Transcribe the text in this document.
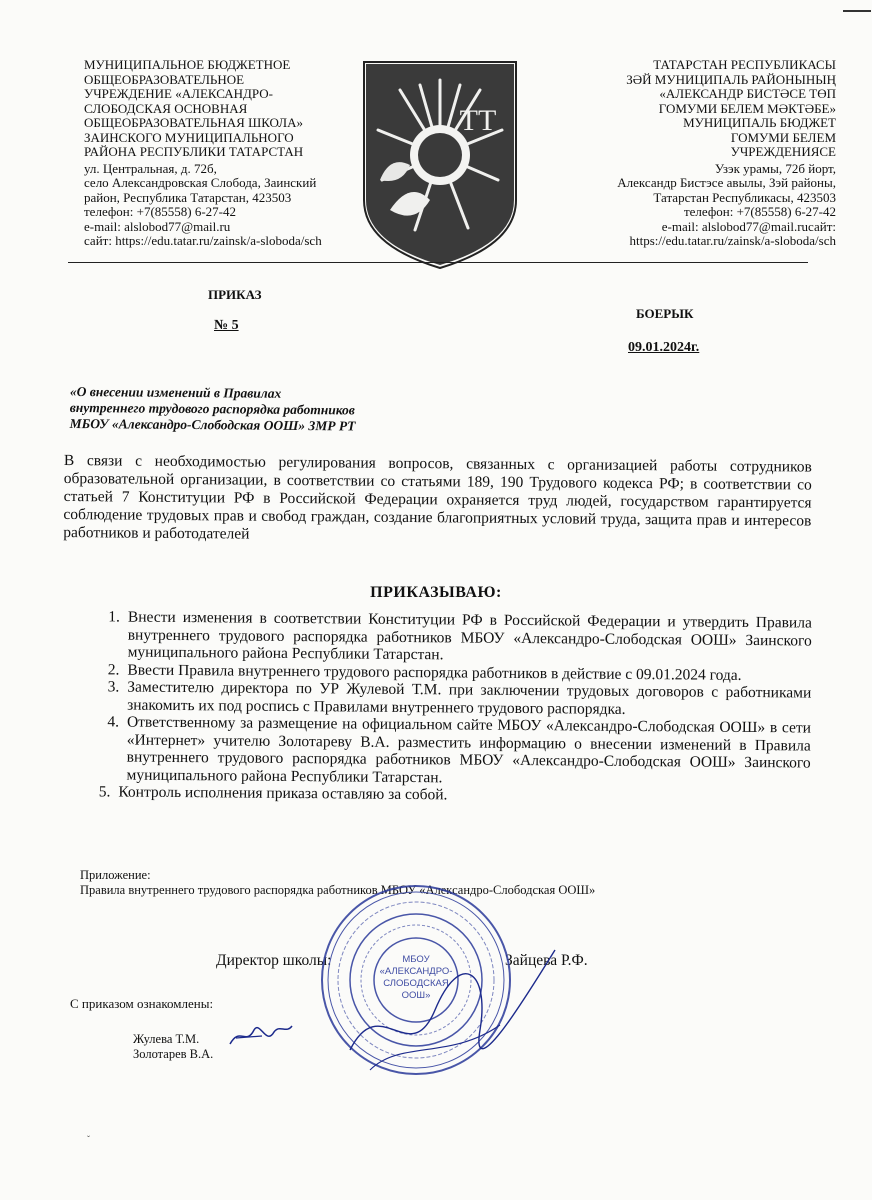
МУНИЦИПАЛЬНОЕ БЮДЖЕТНОЕ
ОБЩЕОБРАЗОВАТЕЛЬНОЕ
УЧРЕЖДЕНИЕ «АЛЕКСАНДРО-
СЛОБОДСКАЯ ОСНОВНАЯ
ОБЩЕОБРАЗОВАТЕЛЬНАЯ ШКОЛА»
ЗАИНСКОГО МУНИЦИПАЛЬНОГО
РАЙОНА РЕСПУБЛИКИ ТАТАРСТАН
ул. Центральная, д. 72б,
село Александровская Слобода, Заинский
район, Республика Татарстан, 423503
телефон: +7(85558) 6-27-42
e-mail: alslobod77@mail.ru
сайт: https://edu.tatar.ru/zainsk/a-sloboda/sch
ТT
ТАТАРСТАН РЕСПУБЛИКАСЫ
ЗӘЙ МУНИЦИПАЛЬ РАЙОНЫНЫҢ
«АЛЕКСАНДР БИСТӘСЕ ТӨП
ГОМУМИ БЕЛЕМ МӘКТӘБЕ»
МУНИЦИПАЛЬ БЮДЖЕТ
ГОМУМИ БЕЛЕМ
УЧРЕЖДЕНИЯСЕ
Узэк урамы, 72б йорт,
Александр Бистэсе авылы, Зэй районы,
Татарстан Республикасы, 423503
телефон: +7(85558) 6-27-42
e-mail: alslobod77@mail.ruсайт:
https://edu.tatar.ru/zainsk/a-sloboda/sch
ПРИКАЗ
№ 5
БОЕРЫК
09.01.2024г.
«О внесении изменений в Правилах
внутреннего трудового распорядка работников
МБОУ «Александро-Слободская ООШ» ЗМР РТ
В связи с необходимостью регулирования вопросов, связанных с организацией работы сотрудников образовательной организации, в соответствии со статьями 189, 190 Трудового кодекса РФ; в соответствии со статьей 7 Конституции РФ в Российской Федерации охраняется труд людей, государством гарантируется соблюдение трудовых прав и свобод граждан, создание благоприятных условий труда, защита прав и интересов работников и работодателей
ПРИКАЗЫВАЮ:
1. Внести изменения в соответствии Конституции РФ в Российской Федерации и утвердить Правила внутреннего трудового распорядка работников МБОУ «Александро-Слободская ООШ» Заинского муниципального района Республики Татарстан.
2. Ввести Правила внутреннего трудового распорядка работников в действие с 09.01.2024 года.
3. Заместителю директора по УР Жулевой Т.М. при заключении трудовых договоров с работниками знакомить их под роспись с Правилами внутреннего трудового распорядка.
4. Ответственному за размещение на официальном сайте МБОУ «Александро-Слободская ООШ» в сети «Интернет» учителю Золотареву В.А. разместить информацию о внесении изменений в Правила внутреннего трудового распорядка работников МБОУ «Александро-Слободская ООШ» Заинского муниципального района Республики Татарстан.
5. Контроль исполнения приказа оставляю за собой.
Приложение:
Правила внутреннего трудового распорядка работников МБОУ «Александро-Слободская ООШ»
Директор школы:	Зайцева Р.Ф.
МБОУ
«АЛЕКСАНДРО-
СЛОБОДСКАЯ
ООШ»
С приказом ознакомлены:
Жулева Т.М.
Золотарев В.А.
ˇ
